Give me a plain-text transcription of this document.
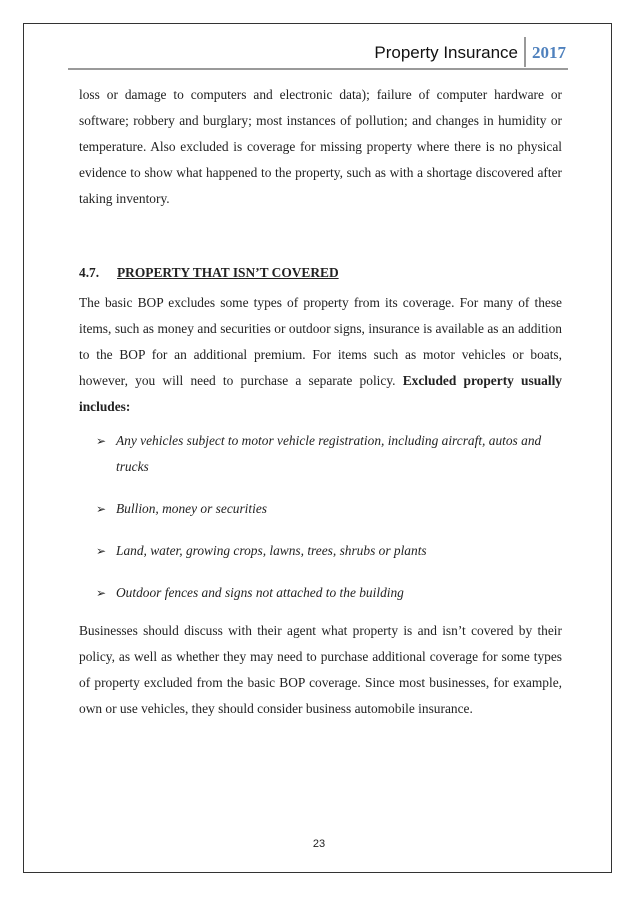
Property Insurance 2017

loss or damage to computers and electronic data); failure of computer hardware or software; robbery and burglary; most instances of pollution; and changes in humidity or temperature. Also excluded is coverage for missing property where there is no physical evidence to show what happened to the property, such as with a shortage discovered after taking inventory.

4.7. PROPERTY THAT ISN’T COVERED

The basic BOP excludes some types of property from its coverage. For many of these items, such as money and securities or outdoor signs, insurance is available as an addition to the BOP for an additional premium. For items such as motor vehicles or boats, however, you will need to purchase a separate policy. Excluded property usually includes:

➢ Any vehicles subject to motor vehicle registration, including aircraft, autos and trucks
➢ Bullion, money or securities
➢ Land, water, growing crops, lawns, trees, shrubs or plants
➢ Outdoor fences and signs not attached to the building

Businesses should discuss with their agent what property is and isn’t covered by their policy, as well as whether they may need to purchase additional coverage for some types of property excluded from the basic BOP coverage. Since most businesses, for example, own or use vehicles, they should consider business automobile insurance.

23
